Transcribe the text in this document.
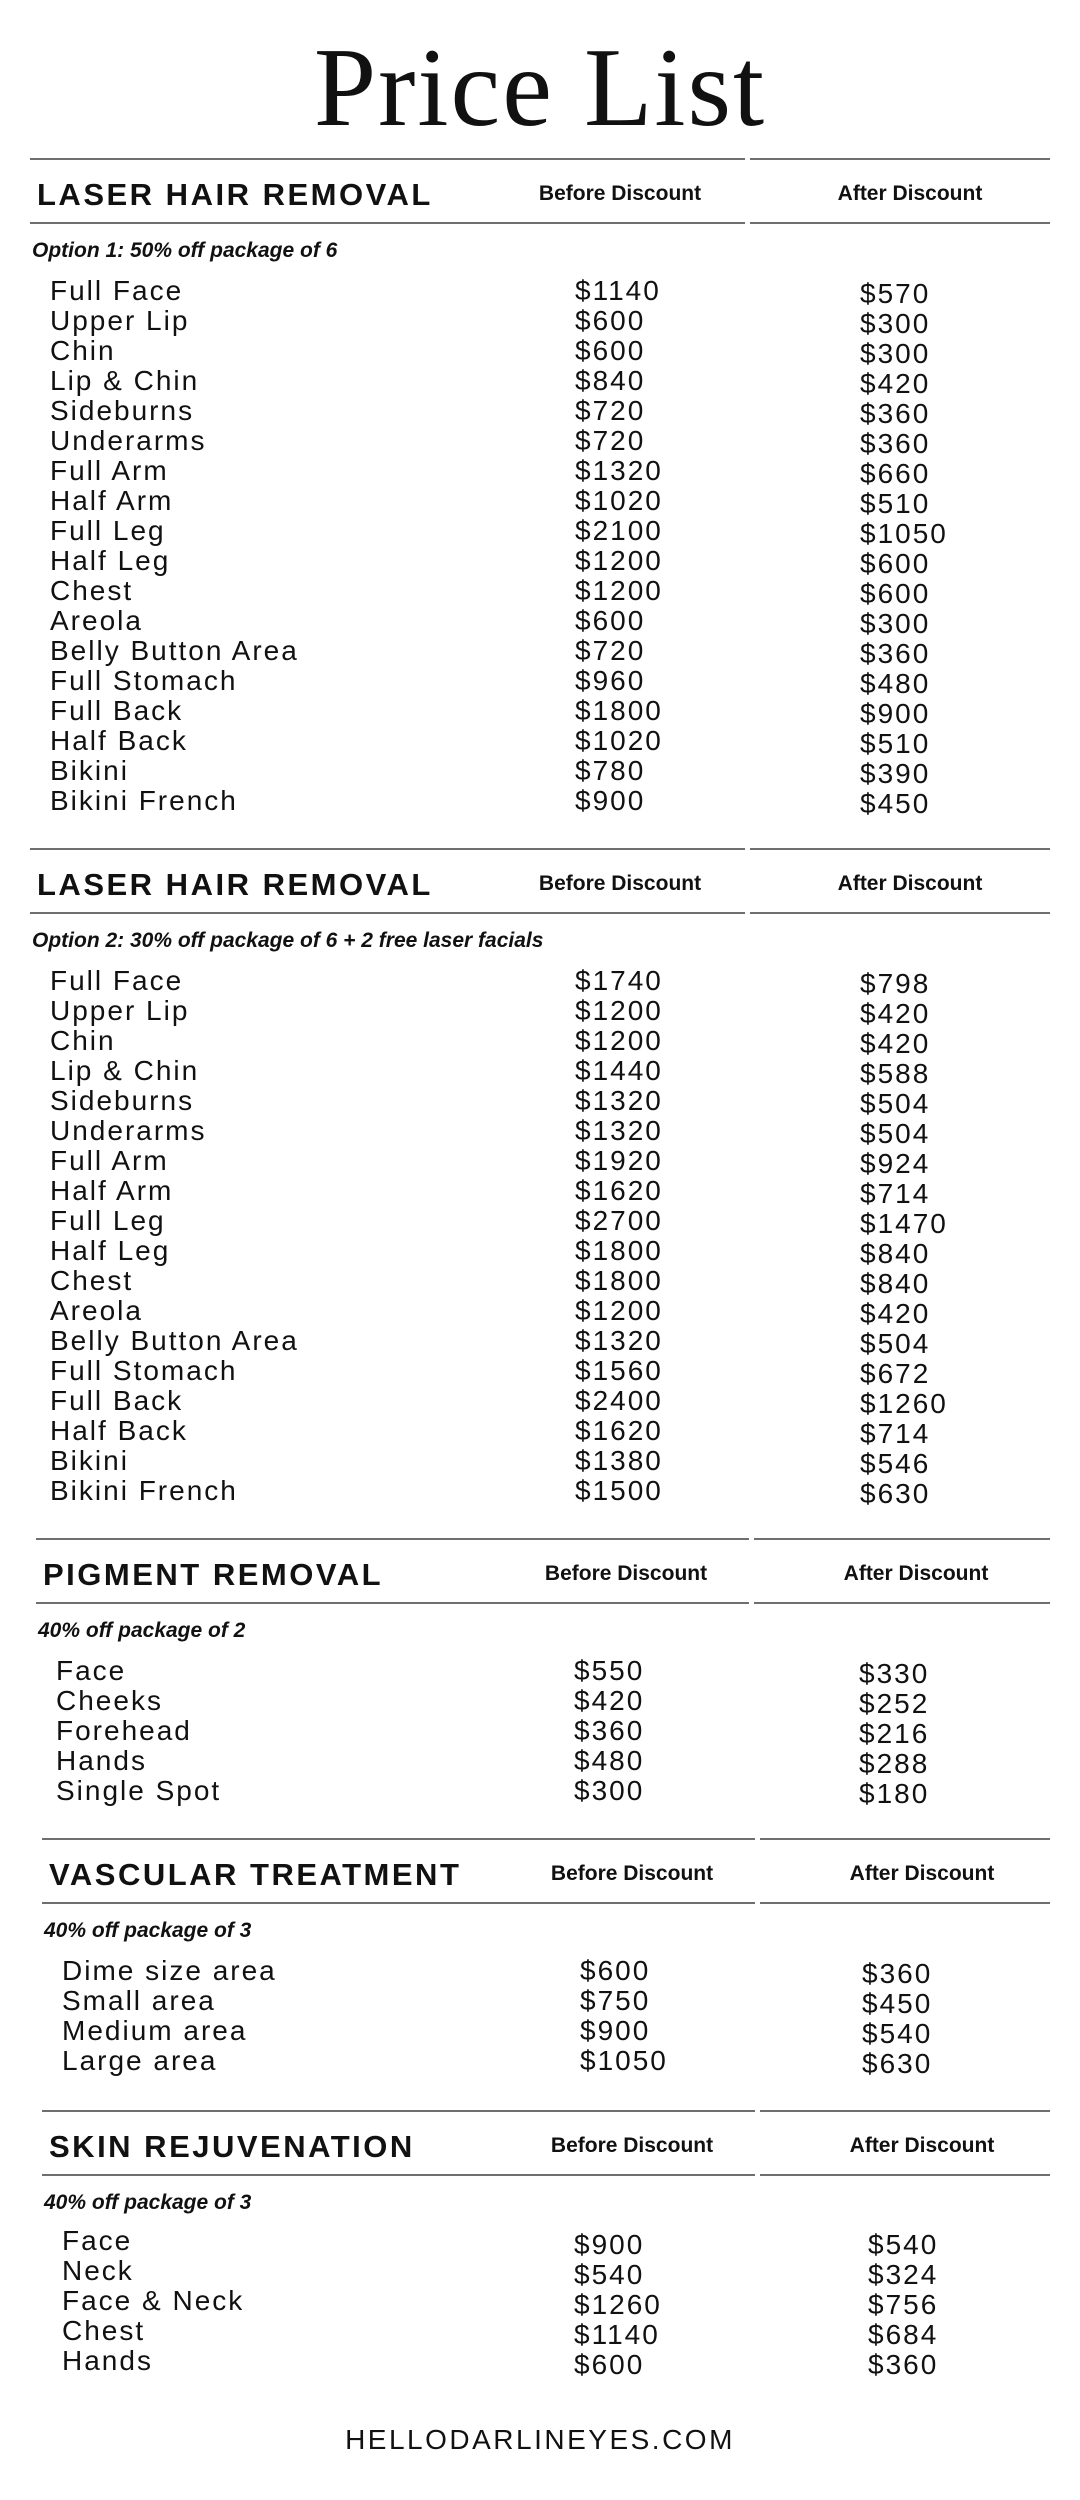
Price List
LASER HAIR REMOVAL	Before Discount	After Discount
Option 1: 50% off package of 6
Full Face	$1140	$570
Upper Lip	$600	$300
Chin	$600	$300
Lip & Chin	$840	$420
Sideburns	$720	$360
Underarms	$720	$360
Full Arm	$1320	$660
Half Arm	$1020	$510
Full Leg	$2100	$1050
Half Leg	$1200	$600
Chest	$1200	$600
Areola	$600	$300
Belly Button Area	$720	$360
Full Stomach	$960	$480
Full Back	$1800	$900
Half Back	$1020	$510
Bikini	$780	$390
Bikini French	$900	$450
LASER HAIR REMOVAL	Before Discount	After Discount
Option 2: 30% off package of 6 + 2 free laser facials
Full Face	$1740	$798
Upper Lip	$1200	$420
Chin	$1200	$420
Lip & Chin	$1440	$588
Sideburns	$1320	$504
Underarms	$1320	$504
Full Arm	$1920	$924
Half Arm	$1620	$714
Full Leg	$2700	$1470
Half Leg	$1800	$840
Chest	$1800	$840
Areola	$1200	$420
Belly Button Area	$1320	$504
Full Stomach	$1560	$672
Full Back	$2400	$1260
Half Back	$1620	$714
Bikini	$1380	$546
Bikini French	$1500	$630
PIGMENT REMOVAL	Before Discount	After Discount
40% off package of 2
Face	$550	$330
Cheeks	$420	$252
Forehead	$360	$216
Hands	$480	$288
Single Spot	$300	$180
VASCULAR TREATMENT	Before Discount	After Discount
40% off package of 3
Dime size area	$600	$360
Small area	$750	$450
Medium area	$900	$540
Large area	$1050	$630
SKIN REJUVENATION	Before Discount	After Discount
40% off package of 3
Face	$900	$540
Neck	$540	$324
Face & Neck	$1260	$756
Chest	$1140	$684
Hands	$600	$360
HELLODARLINEYES.COM
